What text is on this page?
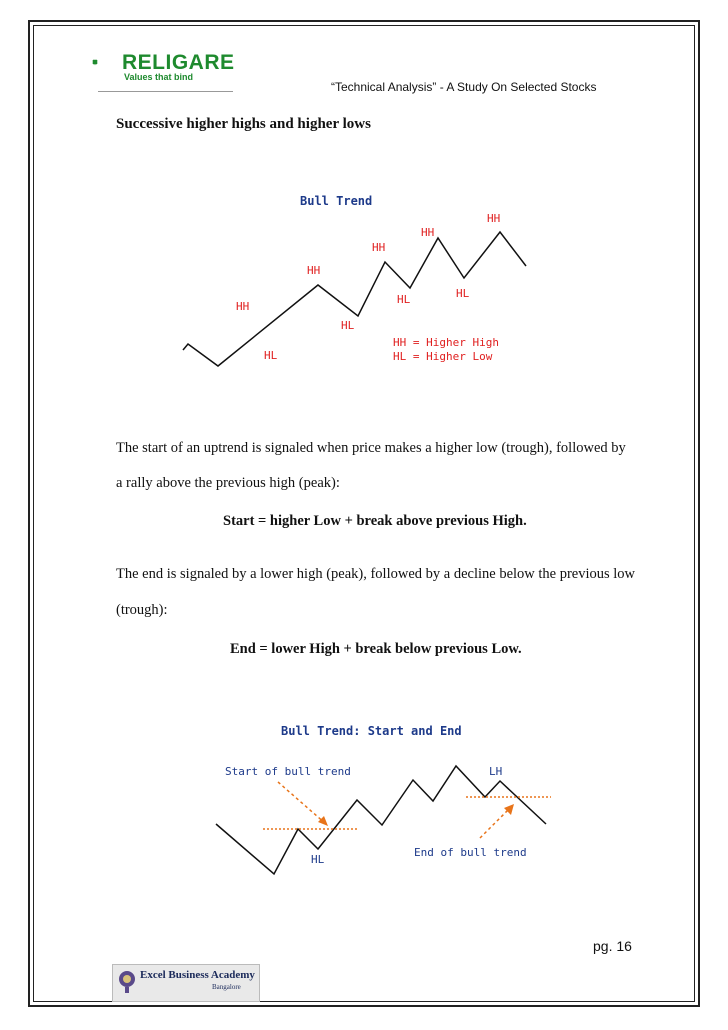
RELIGARE
Values that bind
“Technical Analysis” - A Study On Selected Stocks
Successive higher highs and higher lows
Bull Trend
HH
HH
HH
HH
HH
HL
HL
HL	HL
HH = Higher High
HL = Higher Low
The start of an uptrend is signaled when price makes a higher low (trough), followed by
a rally above the previous high (peak):
Start = higher Low + break above previous High.
The end is signaled by a lower high (peak), followed by a decline below the previous low
(trough):
End = lower High + break below previous Low.
Bull Trend: Start and End
Start of bull trend	LH
HL
End of bull trend
pg. 16
Excel Business Academy
Bangalore
